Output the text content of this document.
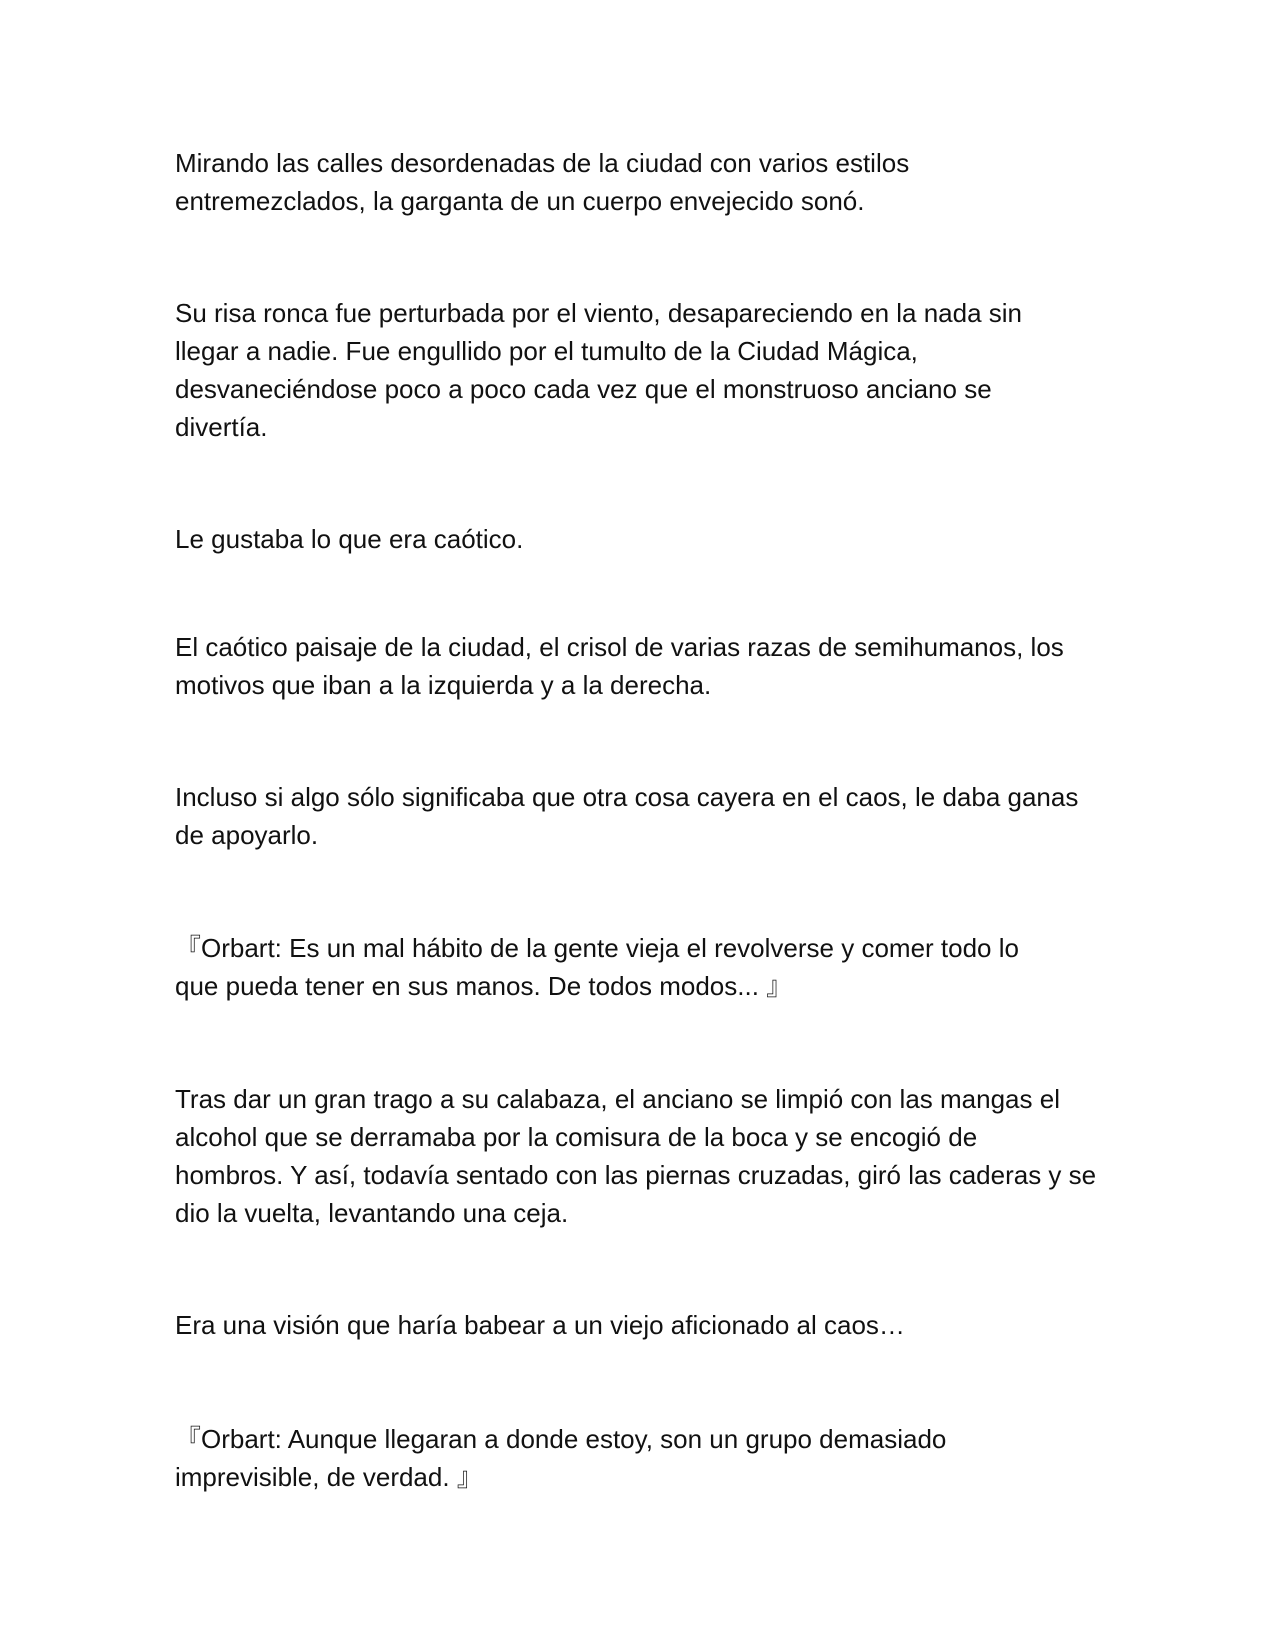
Mirando las calles desordenadas de la ciudad con varios estilos
entremezclados, la garganta de un cuerpo envejecido sonó.

Su risa ronca fue perturbada por el viento, desapareciendo en la nada sin
llegar a nadie. Fue engullido por el tumulto de la Ciudad Mágica,
desvaneciéndose poco a poco cada vez que el monstruoso anciano se
divertía.

Le gustaba lo que era caótico.

El caótico paisaje de la ciudad, el crisol de varias razas de semihumanos, los
motivos que iban a la izquierda y a la derecha.

Incluso si algo sólo significaba que otra cosa cayera en el caos, le daba ganas
de apoyarlo.

『Orbart: Es un mal hábito de la gente vieja el revolverse y comer todo lo
que pueda tener en sus manos. De todos modos... 』

Tras dar un gran trago a su calabaza, el anciano se limpió con las mangas el
alcohol que se derramaba por la comisura de la boca y se encogió de
hombros. Y así, todavía sentado con las piernas cruzadas, giró las caderas y se
dio la vuelta, levantando una ceja.

Era una visión que haría babear a un viejo aficionado al caos…

『Orbart: Aunque llegaran a donde estoy, son un grupo demasiado
imprevisible, de verdad. 』
